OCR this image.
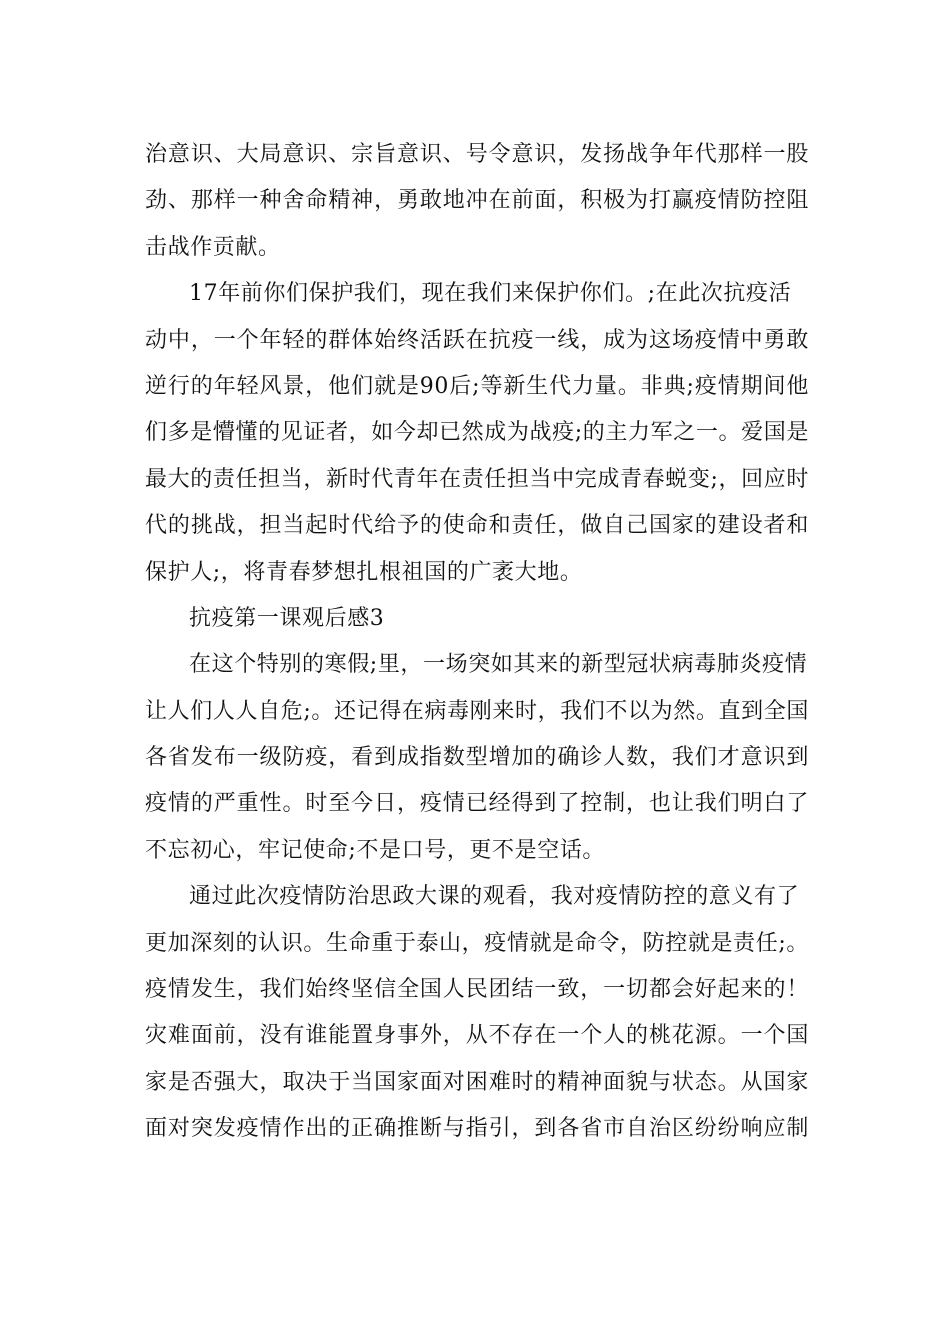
治意识、大局意识、宗旨意识、号令意识，发扬战争年代那样一股
劲、那样一种舍命精神，勇敢地冲在前面，积极为打赢疫情防控阻
击战作贡献。
17年前你们保护我们，现在我们来保护你们。;在此次抗疫活
动中，一个年轻的群体始终活跃在抗疫一线，成为这场疫情中勇敢
逆行的年轻风景，他们就是90后;等新生代力量。非典;疫情期间他
们多是懵懂的见证者，如今却已然成为战疫;的主力军之一。爱国是
最大的责任担当，新时代青年在责任担当中完成青春蜕变;，回应时
代的挑战，担当起时代给予的使命和责任，做自己国家的建设者和
保护人;，将青春梦想扎根祖国的广袤大地。
抗疫第一课观后感3
在这个特别的寒假;里，一场突如其来的新型冠状病毒肺炎疫情
让人们人人自危;。还记得在病毒刚来时，我们不以为然。直到全国
各省发布一级防疫，看到成指数型增加的确诊人数，我们才意识到
疫情的严重性。时至今日，疫情已经得到了控制，也让我们明白了
不忘初心，牢记使命;不是口号，更不是空话。
通过此次疫情防治思政大课的观看，我对疫情防控的意义有了
更加深刻的认识。生命重于泰山，疫情就是命令，防控就是责任;。
疫情发生，我们始终坚信全国人民团结一致，一切都会好起来的！
灾难面前，没有谁能置身事外，从不存在一个人的桃花源。一个国
家是否强大，取决于当国家面对困难时的精神面貌与状态。从国家
面对突发疫情作出的正确推断与指引，到各省市自治区纷纷响应制
